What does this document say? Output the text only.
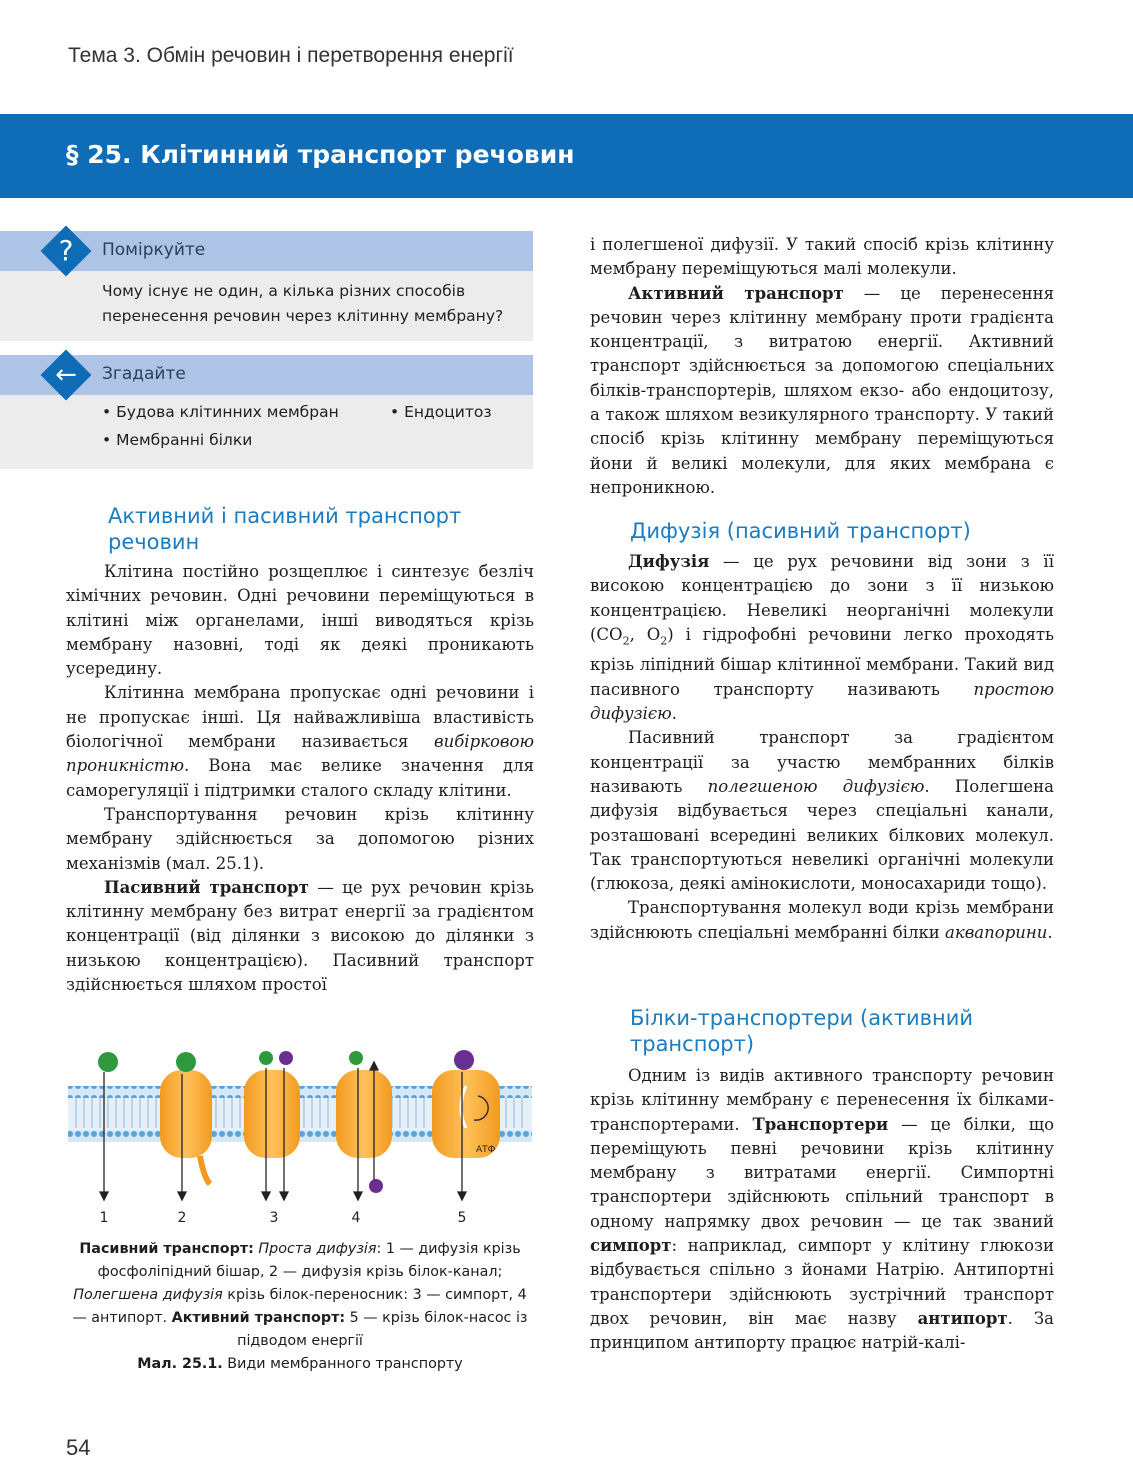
Тема 3. Обмін речовин і перетворення енергії
§ 25. Клітинний транспорт речовин
?	Поміркуйте
Чому існує не один, а кілька різних способів перенесення речовин через клітинну мембрану?
←	Згадайте
• Будова клітинних мембран	• Ендоцитоз
• Мембранні білки
Активний і пасивний транспорт речовин

Клітина постійно розщеплює і синтезує безліч хімічних речовин. Одні речовини переміщуються в клітині між органелами, інші виводяться крізь мембрану назовні, тоді як деякі проникають усередину.

Клітинна мембрана пропускає одні речовини і не пропускає інші. Ця найважливіша властивість біологічної мембрани називається вибірковою проникністю. Вона має велике значення для саморегуляції і підтримки сталого складу клітини.

Транспортування речовин крізь клітинну мембрану здійснюється за допомогою різних механізмів (мал. 25.1).

Пасивний транспорт — це рух речовин крізь клітинну мембрану без витрат енергії за градієнтом концентрації (від ділянки з високою до ділянки з низькою концентрацією). Пасивний транспорт здійснюється шляхом простої

АТФ
1	2	3	4	5
Пасивний транспорт: Проста дифузія: 1 — дифузія крізь фосфоліпідний бішар, 2 — дифузія крізь білок-канал; Полегшена дифузія крізь білок-переносник: 3 — симпорт, 4 — антипорт. Активний транспорт: 5 — крізь білок-насос із підводом енергії
Мал. 25.1. Види мембранного транспорту

і полегшеної дифузії. У такий спосіб крізь клітинну мембрану переміщуються малі молекули.

Активний транспорт — це перенесення речовин через клітинну мембрану проти градієнта концентрації, з витратою енергії. Активний транспорт здійснюється за допомогою спеціальних білків-транспортерів, шляхом екзо- або ендоцитозу, а також шляхом везикулярного транспорту. У такий спосіб крізь клітинну мембрану переміщуються йони й великі молекули, для яких мембрана є непроникною.

Дифузія (пасивний транспорт)

Дифузія — це рух речовини від зони з її високою концентрацією до зони з її низькою концентрацією. Невеликі неорганічні молекули ($CO_2$, $O_2$) і гідрофобні речовини легко проходять крізь ліпідний бішар клітинної мембрани. Такий вид пасивного транспорту називають простою дифузією.

Пасивний транспорт за градієнтом концентрації за участю мембранних білків називають полегшеною дифузією. Полегшена дифузія відбувається через спеціальні канали, розташовані всередині великих білкових молекул. Так транспортуються невеликі органічні молекули (глюкоза, деякі амінокислоти, моносахариди тощо).

Транспортування молекул води крізь мембрани здійснюють спеціальні мембранні білки аквапорини.

Білки-транспортери (активний транспорт)

Одним із видів активного транспорту речовин крізь клітинну мембрану є перенесення їх білками-транспортерами. Транспортери — це білки, що переміщують певні речовини крізь клітинну мембрану з витратами енергії. Симпортні транспортери здійснюють спільний транспорт в одному напрямку двох речовин — це так званий симпорт: наприклад, симпорт у клітину глюкози відбувається спільно з йонами Натрію. Антипортні транспортери здійснюють зустрічний транспорт двох речовин, він має назву антипорт. За принципом антипорту працює натрій-калі-

54
